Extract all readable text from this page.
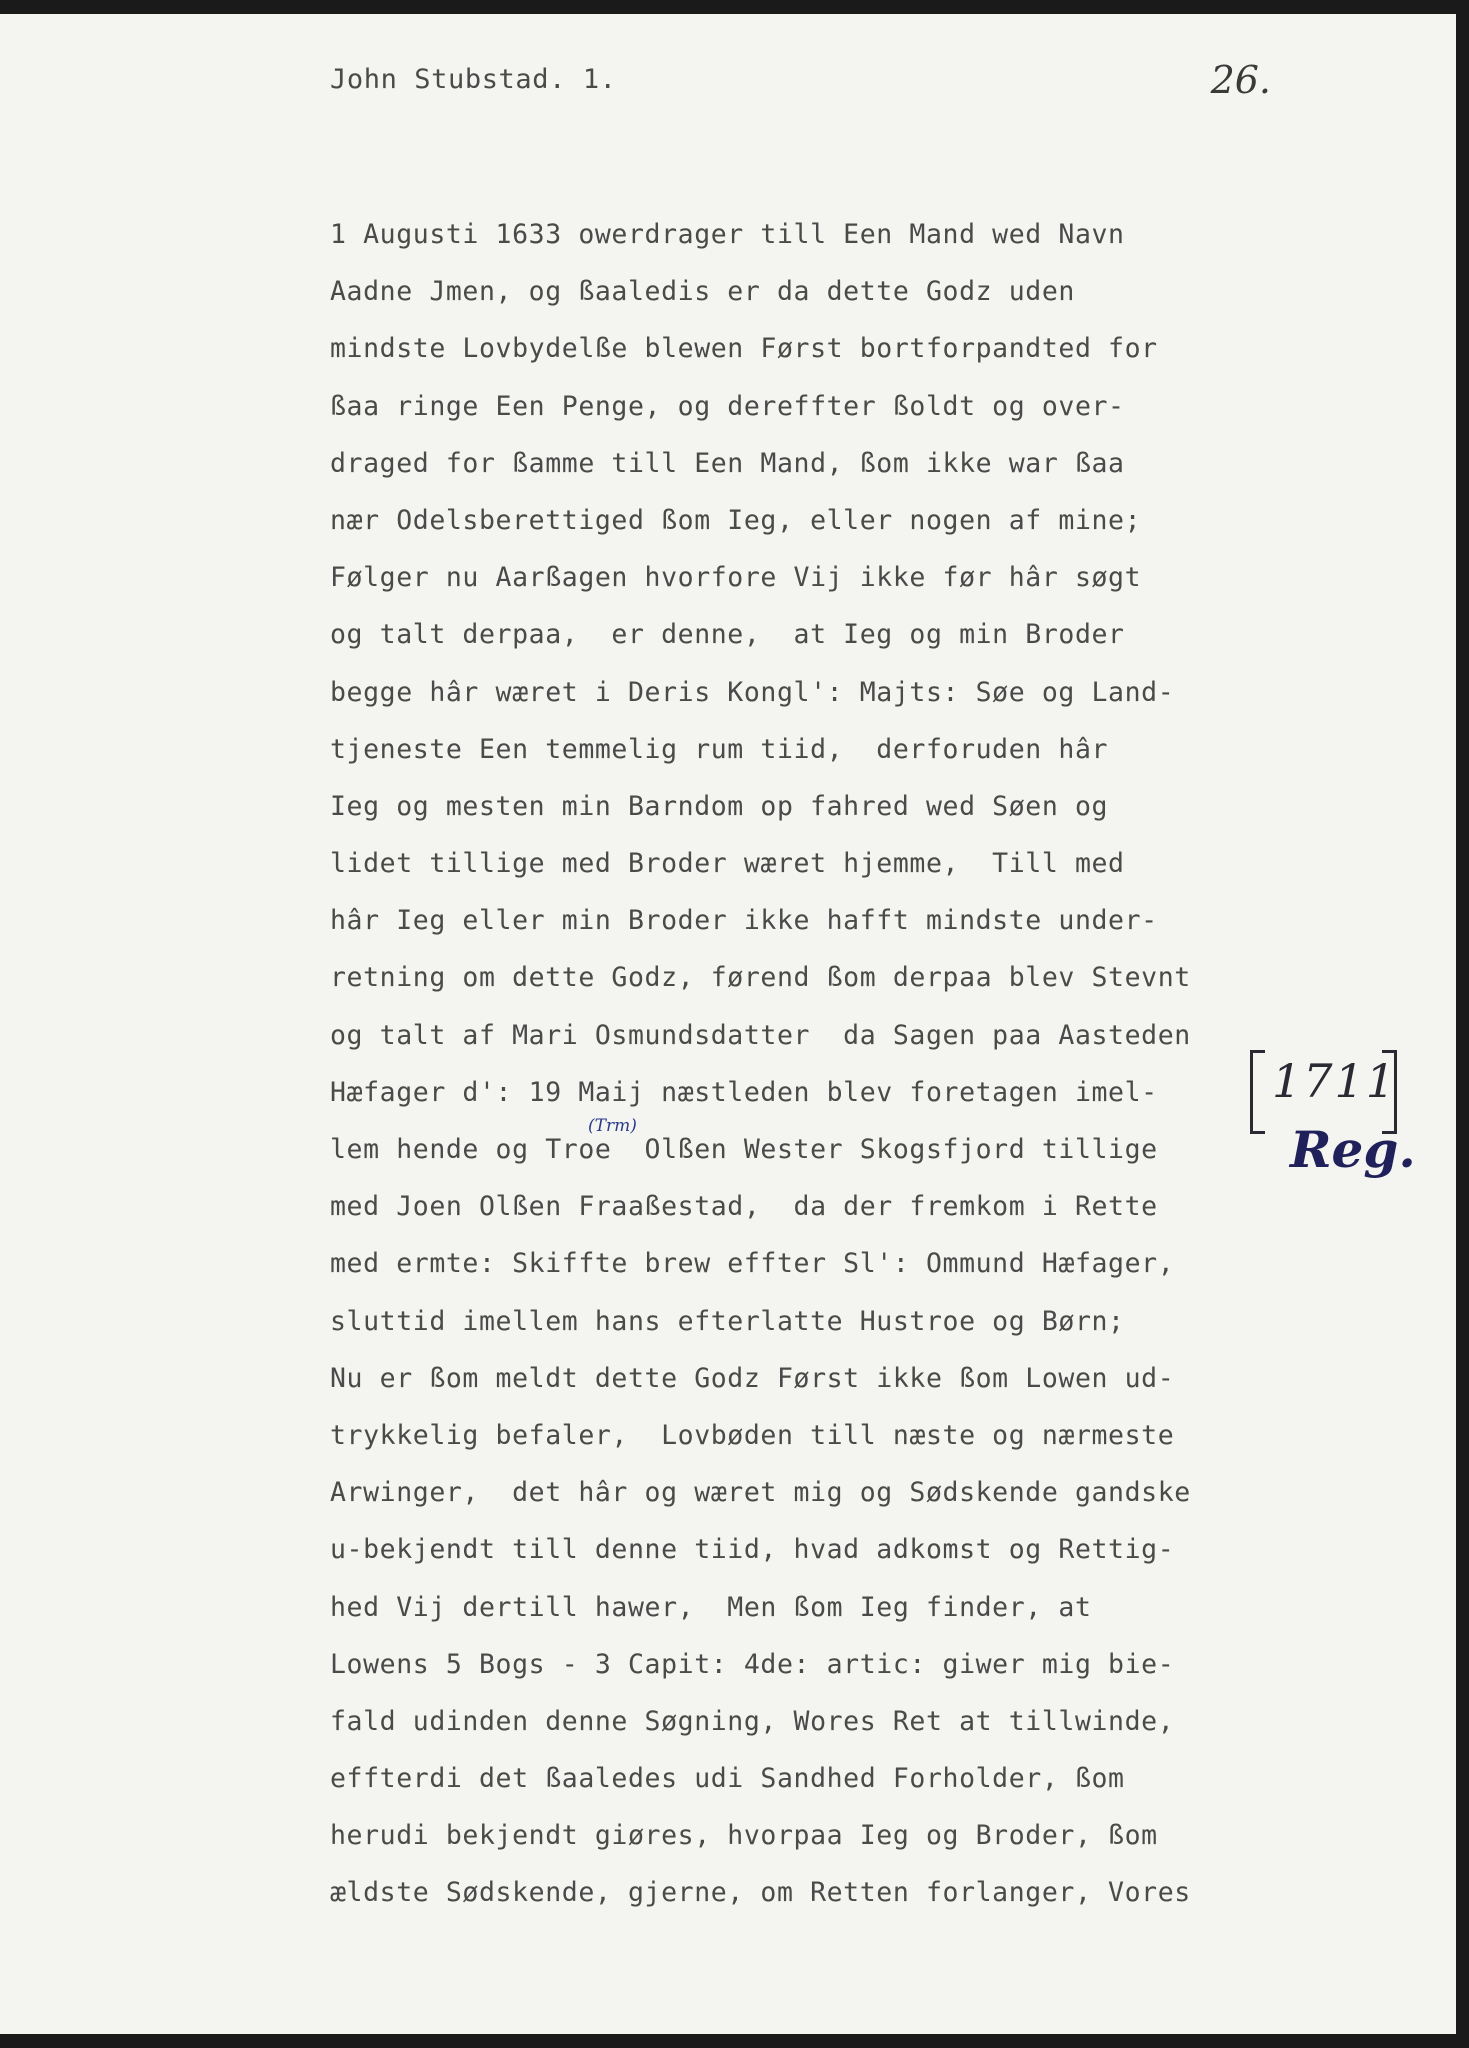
John Stubstad. 1.	26.
1 Augusti 1633 owerdrager till Een Mand wed Navn
Aadne Jmen, og ßaaledis er da dette Godz uden
mindste Lovbydelße blewen Først bortforpandted for
ßaa ringe Een Penge, og dereffter ßoldt og over-
draged for ßamme till Een Mand, ßom ikke war ßaa
nær Odelsberettiged ßom Ieg, eller nogen af mine;
Følger nu Aarßagen hvorfore Vij ikke før hâr søgt
og talt derpaa,  er denne,  at Ieg og min Broder
begge hâr wæret i Deris Kongl': Majts: Søe og Land-
tjeneste Een temmelig rum tiid,  derforuden hâr
Ieg og mesten min Barndom op fahred wed Søen og
lidet tillige med Broder wæret hjemme,  Till med
hâr Ieg eller min Broder ikke hafft mindste under-
retning om dette Godz, førend ßom derpaa blev Stevnt
og talt af Mari Osmundsdatter  da Sagen paa Aasteden
Hæfager d': 19 Maij næstleden blev foretagen imel-
lem hende og Troe  Olßen Wester Skogsfjord tillige
med Joen Olßen Fraaßestad,  da der fremkom i Rette
med ermte: Skiffte brew effter Sl': Ommund Hæfager,
sluttid imellem hans efterlatte Hustroe og Børn;
Nu er ßom meldt dette Godz Først ikke ßom Lowen ud-
trykkelig befaler,  Lovbøden till næste og nærmeste
Arwinger,  det hâr og wæret mig og Sødskende gandske
u-bekjendt till denne tiid, hvad adkomst og Rettig-
hed Vij dertill hawer,  Men ßom Ieg finder, at
Lowens 5 Bogs - 3 Capit: 4de: artic: giwer mig bie-
fald udinden denne Søgning, Wores Ret at tillwinde,
effterdi det ßaaledes udi Sandhed Forholder, ßom
herudi bekjendt giøres, hvorpaa Ieg og Broder, ßom
ældste Sødskende, gjerne, om Retten forlanger, Vores
(Trm)
1711
Reg.
